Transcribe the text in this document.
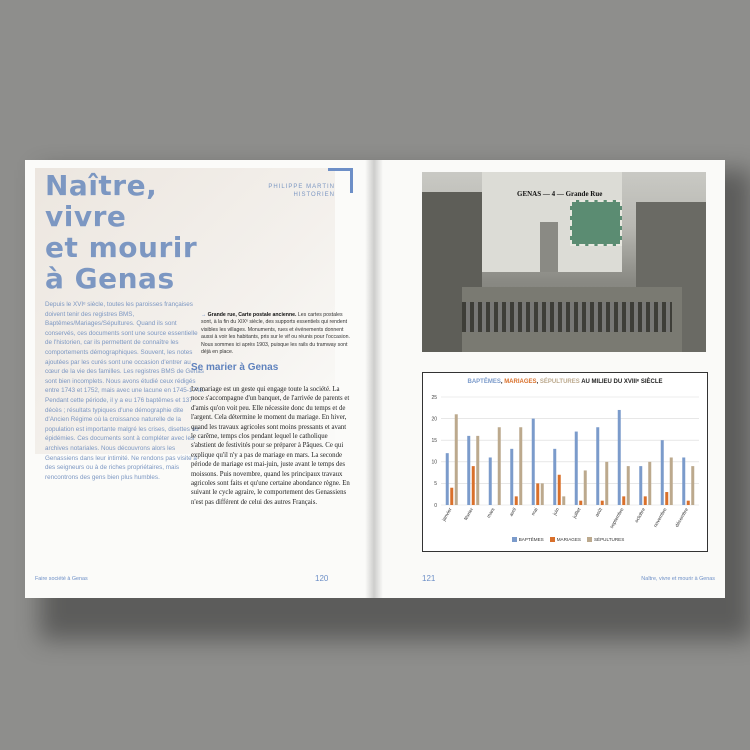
Naître,
vivre
et mourir
à Genas
PHILIPPE MARTIN
HISTORIEN
Depuis le XVIᵉ siècle, toutes les paroisses françaises doivent tenir des registres BMS, Baptêmes/Mariages/Sépultures. Quand ils sont conservés, ces documents sont une source essentielle de l'historien, car ils permettent de connaître les comportements démographiques. Souvent, les notes ajoutées par les curés sont une occasion d'entrer au cœur de la vie des familles. Les registres BMS de Genas sont bien incomplets. Nous avons étudié ceux rédigés entre 1743 et 1752, mais avec une lacune en 1745-1748. Pendant cette période, il y a eu 176 baptêmes et 137 décès ; résultats typiques d'une démographie dite d'Ancien Régime où la croissance naturelle de la population est importante malgré les crises, disettes ou épidémies. Ces documents sont à compléter avec les archives notariales. Nous découvrons alors les Genassiens dans leur intimité. Ne rendons pas visite à des seigneurs ou à de riches propriétaires, mais rencontrons des gens bien plus humbles.
→ Grande rue, Carte postale ancienne. Les cartes postales sont, à la fin du XIXᵉ siècle, des supports essentiels qui rendent visibles les villages. Monuments, rues et événements donnent aussi à voir les habitants, pris sur le vif ou réunis pour l'occasion. Nous sommes ici après 1903, puisque les rails du tramway sont déjà en place.
Se marier à Genas
Le mariage est un geste qui engage toute la société. La noce s'accompagne d'un banquet, de l'arrivée de parents et d'amis qu'on voit peu. Elle nécessite donc du temps et de l'argent. Cela détermine le moment du mariage. En hiver, quand les travaux agricoles sont moins pressants et avant le carême, temps clos pendant lequel le catholique s'abstient de festivités pour se préparer à Pâques. Ce qui explique qu'il n'y a pas de mariage en mars. La seconde période de mariage est mai-juin, juste avant le temps des moissons. Puis novembre, quand les principaux travaux agricoles sont faits et qu'une certaine abondance règne. En suivant le cycle agraire, le comportement des Genassiens n'est pas différent de celui des autres Français.
Faire société à Genas	120
GENAS — 4 — Grande Rue
BAPTÊMES, MARIAGES, SÉPULTURES AU MILIEU DU XVIIIᵉ SIÈCLE
0
5
10
15
20
25
janvier février mars	avril	mai	juin juillet	août septembre octobre novembre décembre
BAPTÊMES	MARIAGES	SÉPULTURES
121	Naître, vivre et mourir à Genas
